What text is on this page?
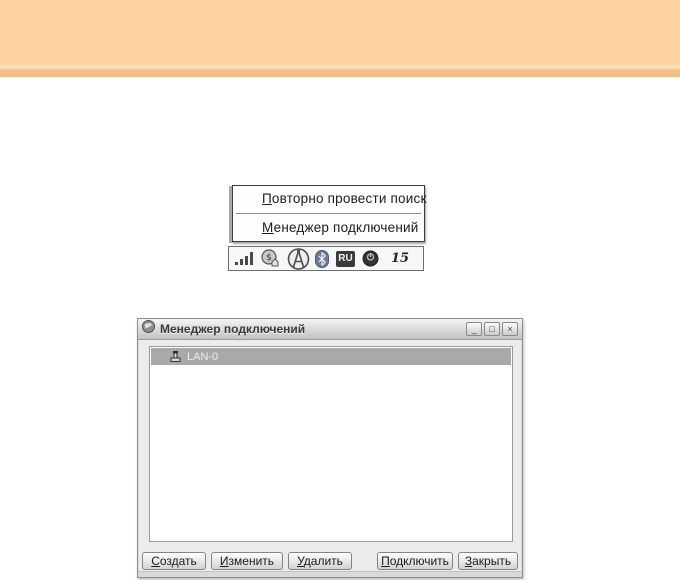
Повторно провести поиск
Менеджер подключений
$	RU	15
Менеджер подключений	_	□	×
LAN-0
Создать Изменить Удалить	Подключить Закрыть
